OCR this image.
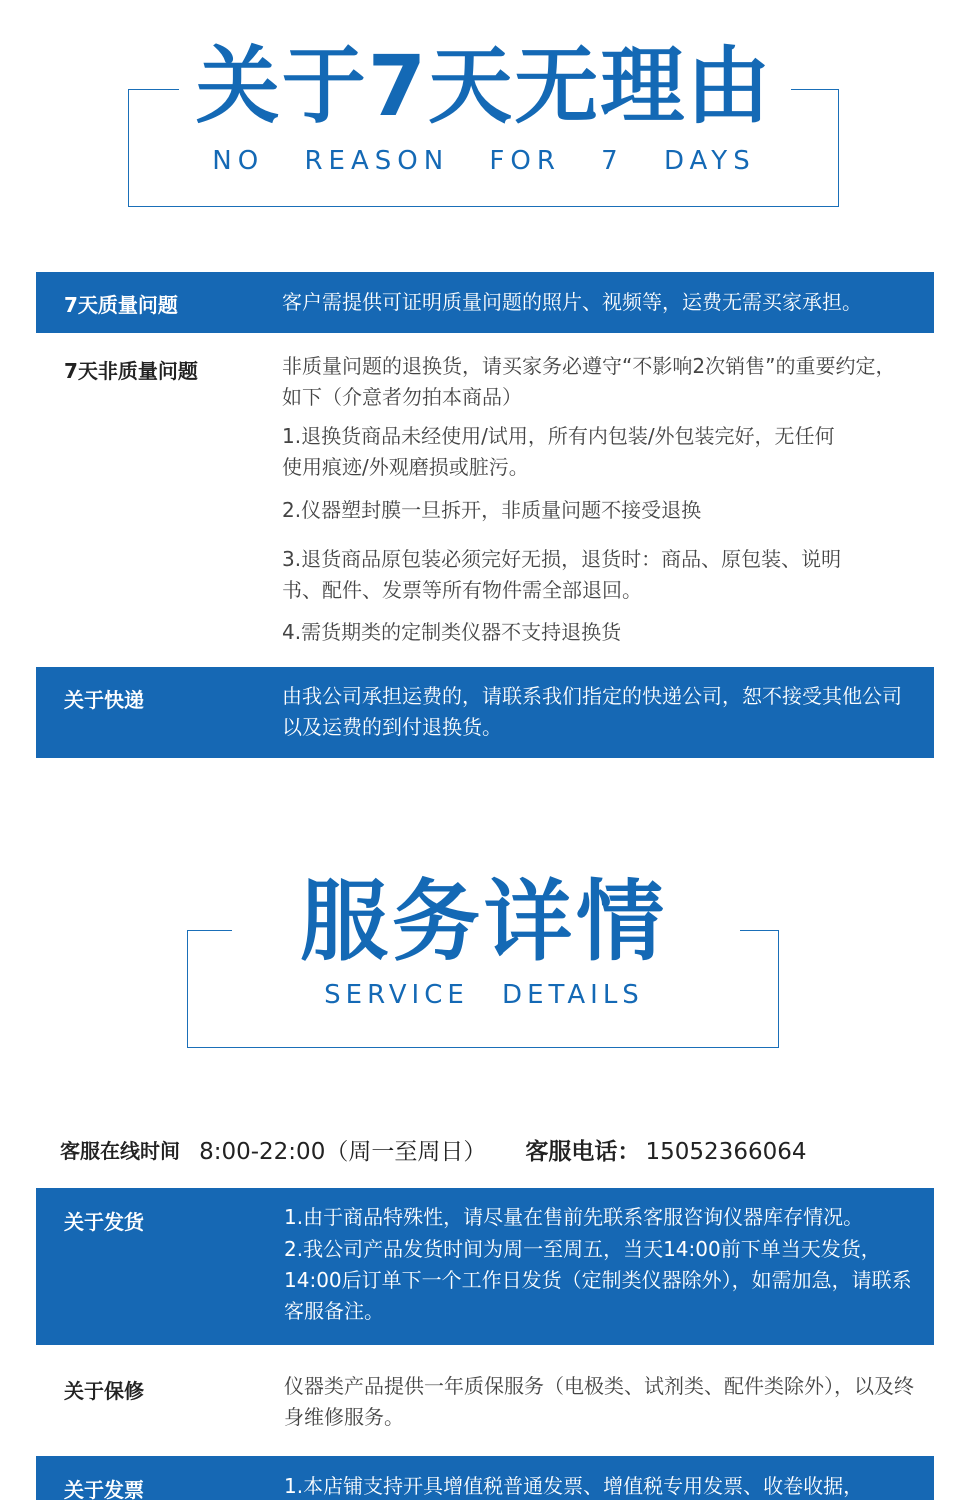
关于7天无理由
NO REASON FOR 7 DAYS
7天质量问题	客户需提供可证明质量问题的照片、视频等，运费无需买家承担。
7天非质量问题	非质量问题的退换货，请买家务必遵守“不影响2次销售”的重要约定，如下（介意者勿拍本商品）
1.退换货商品未经使用/试用，所有内包装/外包装完好，无任何使用痕迹/外观磨损或脏污。
2.仪器塑封膜一旦拆开，非质量问题不接受退换
3.退货商品原包装必须完好无损，退货时：商品、原包装、说明书、配件、发票等所有物件需全部退回。
4.需货期类的定制类仪器不支持退换货
关于快递	由我公司承担运费的，请联系我们指定的快递公司，恕不接受其他公司以及运费的到付退换货。
服务详情
SERVICE DETAILS
客服在线时间 8:00-22:00（周一至周日） 客服电话： 15052366064
关于发货	1.由于商品特殊性，请尽量在售前先联系客服咨询仪器库存情况。
2.我公司产品发货时间为周一至周五，当天14:00前下单当天发货，14:00后订单下一个工作日发货（定制类仪器除外），如需加急，请联系客服备注。
关于保修	仪器类产品提供一年质保服务（电极类、试剂类、配件类除外），以及终身维修服务。
关于发票	1.本店铺支持开具增值税普通发票、增值税专用发票、收卷收据，
